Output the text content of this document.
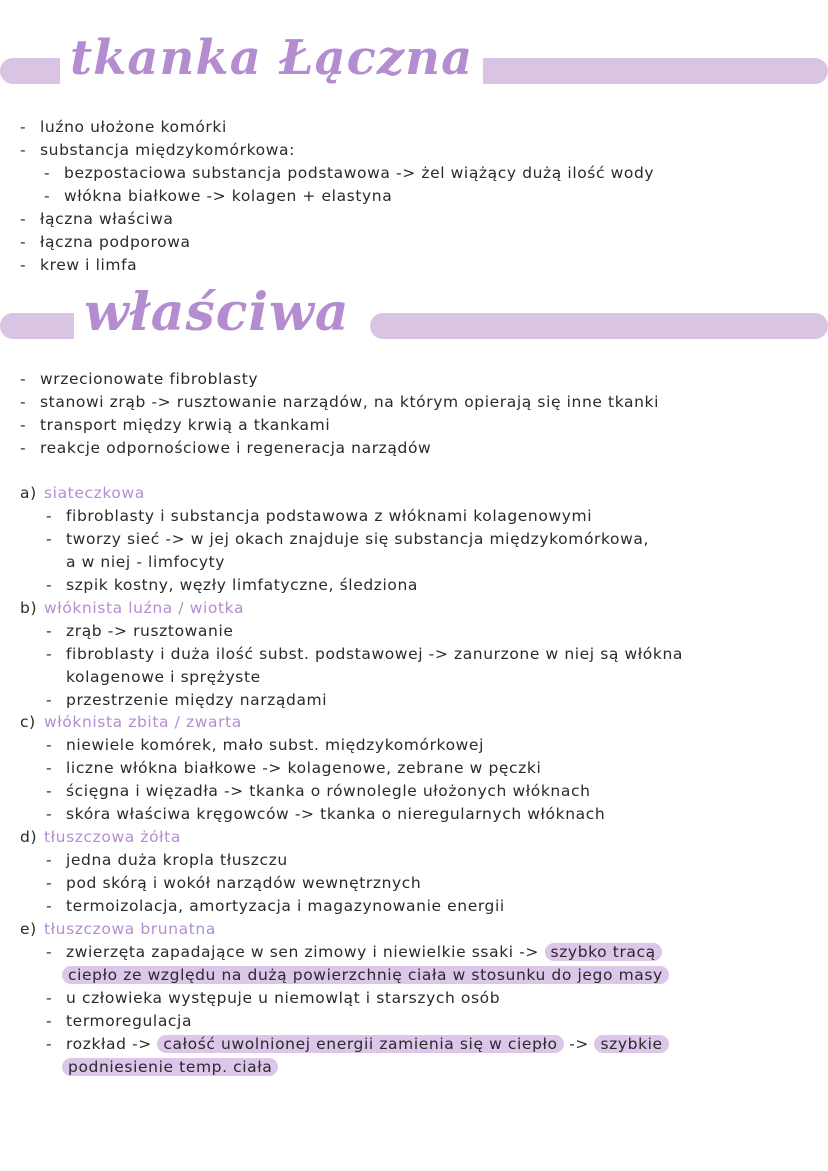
tkanka Łączna
- luźno ułożone komórki
- substancja międzykomórkowa:
- bezpostaciowa substancja podstawowa -> żel wiążący dużą ilość wody
- włókna białkowe -> kolagen + elastyna
- łączna właściwa
- łączna podporowa
- krew i limfa
właściwa
- wrzecionowate fibroblasty
- stanowi zrąb -> rusztowanie narządów, na którym opierają się inne tkanki
- transport między krwią a tkankami
- reakcje odpornościowe i regeneracja narządów
a) siateczkowa
- fibroblasty i substancja podstawowa z włóknami kolagenowymi
- tworzy sieć -> w jej okach znajduje się substancja międzykomórkowa,
a w niej - limfocyty
- szpik kostny, węzły limfatyczne, śledziona
b) włóknista luźna / wiotka
- zrąb -> rusztowanie
- fibroblasty i duża ilość subst. podstawowej -> zanurzone w niej są włókna
kolagenowe i sprężyste
- przestrzenie między narządami
c) włóknista zbita / zwarta
- niewiele komórek, mało subst. międzykomórkowej
- liczne włókna białkowe -> kolagenowe, zebrane w pęczki
- ścięgna i więzadła -> tkanka o równolegle ułożonych włóknach
- skóra właściwa kręgowców -> tkanka o nieregularnych włóknach
d) tłuszczowa żółta
- jedna duża kropla tłuszczu
- pod skórą i wokół narządów wewnętrznych
- termoizolacja, amortyzacja i magazynowanie energii
e) tłuszczowa brunatna
- zwierzęta zapadające w sen zimowy i niewielkie ssaki -> szybko tracą
ciepło ze względu na dużą powierzchnię ciała w stosunku do jego masy
- u człowieka występuje u niemowląt i starszych osób
- termoregulacja
- rozkład -> całość uwolnionej energii zamienia się w ciepło -> szybkie
podniesienie temp. ciała
